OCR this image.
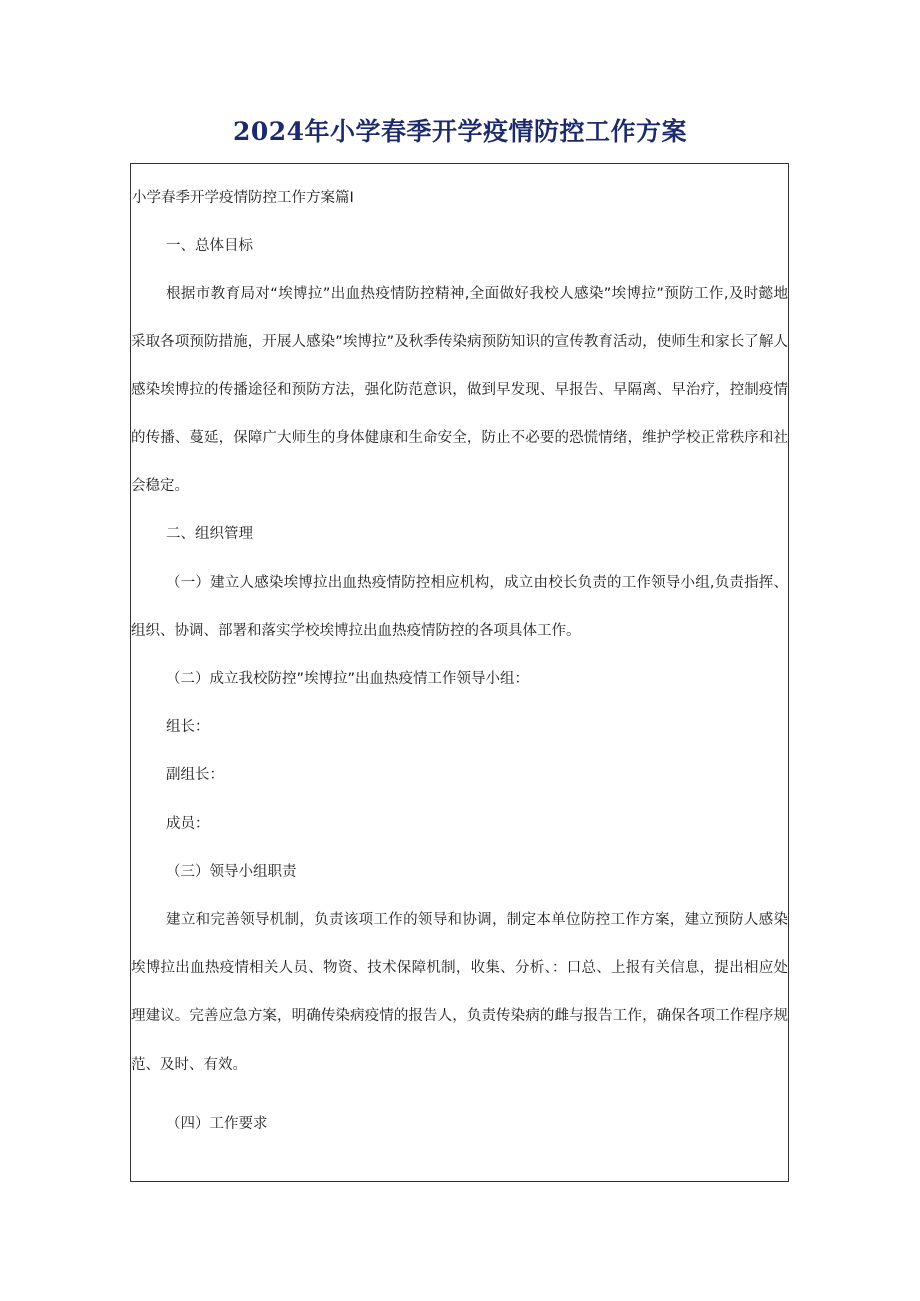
2024年小学春季开学疫情防控工作方案

小学春季开学疫情防控工作方案篇I

一、总体目标

根据市教育局对“埃博拉”出血热疫情防控精神,全面做好我校人感染”埃博拉”预防工作,及时懿地

采取各项预防措施，开展人感染”埃博拉”及秋季传染病预防知识的宣传教育活动，使师生和家长了解人

感染埃博拉的传播途径和预防方法，强化防范意识，做到早发现、早报告、早隔离、早治疗，控制疫情

的传播、蔓延，保障广大师生的身体健康和生命安全，防止不必要的恐慌情绪，维护学校正常秩序和社

会稳定。

二、组织管理

（一）建立人感染埃博拉出血热疫情防控相应机构，成立由校长负责的工作领导小组,负责指挥、

组织、协调、部署和落实学校埃博拉出血热疫情防控的各项具体工作。

（二）成立我校防控”埃博拉”出血热疫情工作领导小组：

组长：

副组长：

成员：

（三）领导小组职责

建立和完善领导机制，负责该项工作的领导和协调，制定本单位防控工作方案，建立预防人感染

埃博拉出血热疫情相关人员、物资、技术保障机制，收集、分析、：口总、上报有关信息，提出相应处

理建议。完善应急方案，明确传染病疫情的报告人，负责传染病的雌与报告工作，确保各项工作程序规

范、及时、有效。

（四）工作要求
